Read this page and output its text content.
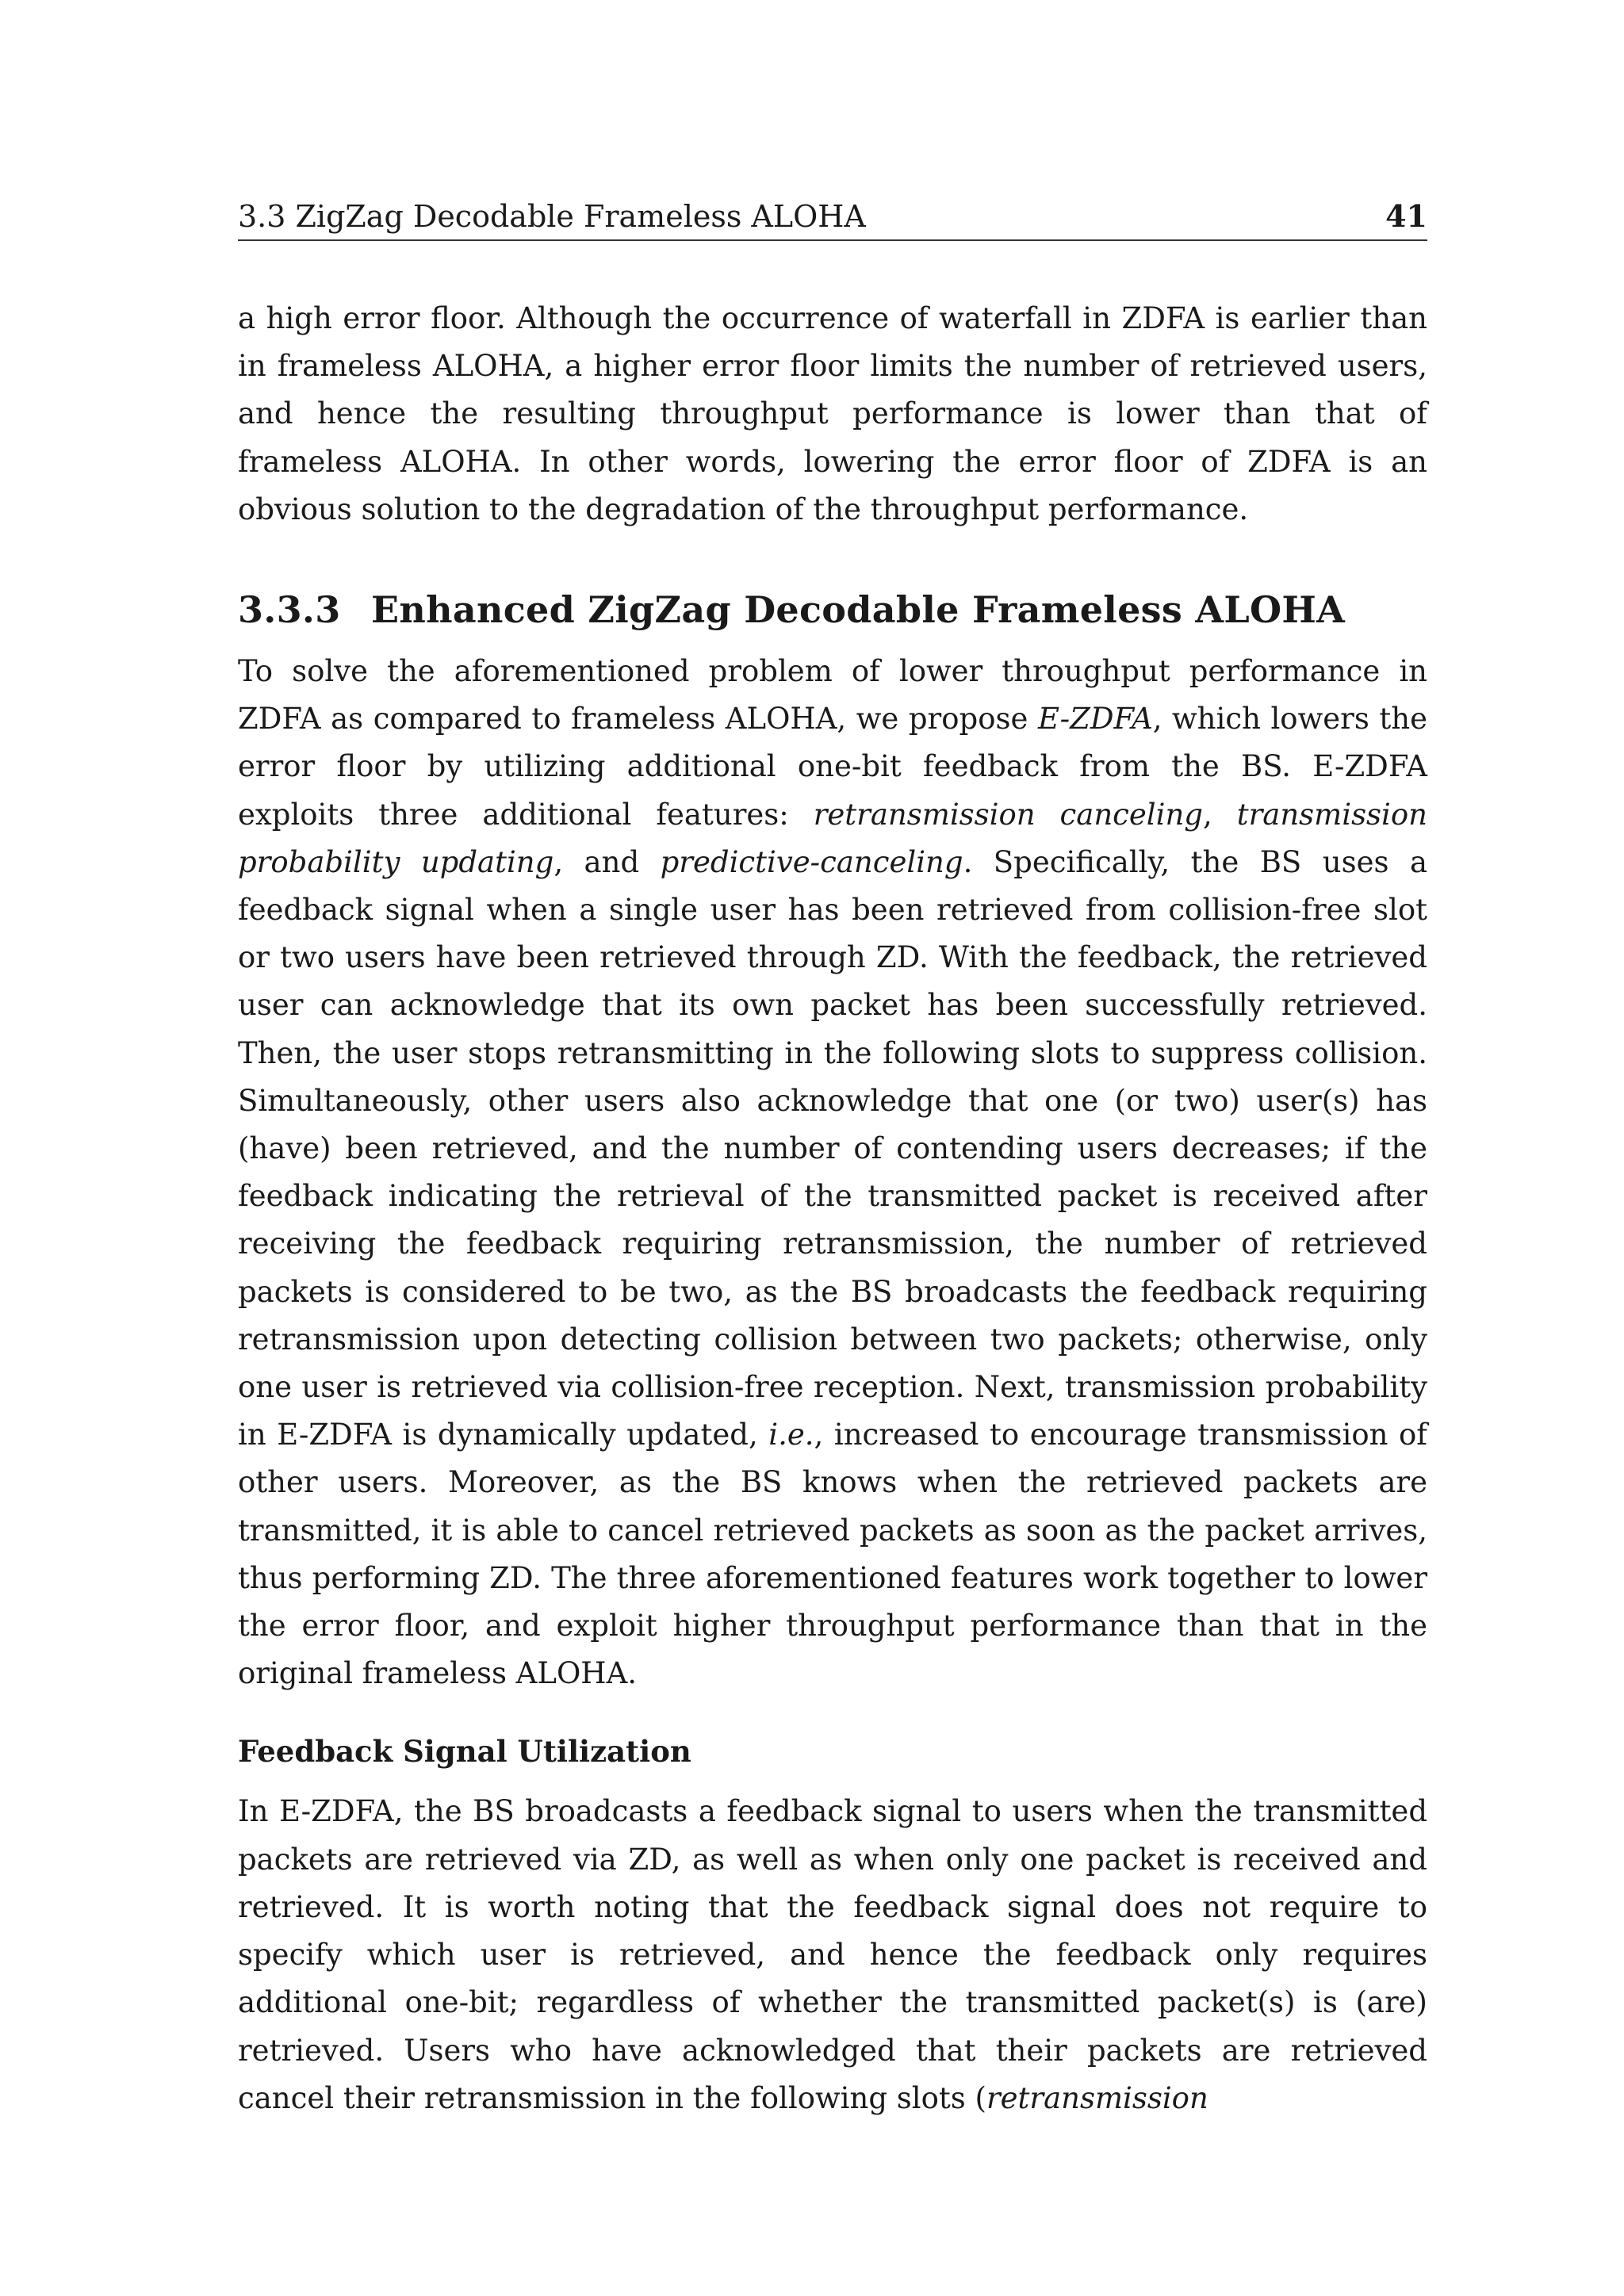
3.3 ZigZag Decodable Frameless ALOHA	41

a high error floor. Although the occurrence of waterfall in ZDFA is earlier than in frameless ALOHA, a higher error floor limits the number of retrieved users, and hence the resulting throughput performance is lower than that of frameless ALOHA. In other words, lowering the error floor of ZDFA is an obvious solution to the degradation of the throughput performance.

3.3.3 Enhanced ZigZag Decodable Frameless ALOHA

To solve the aforementioned problem of lower throughput performance in ZDFA as compared to frameless ALOHA, we propose E-ZDFA, which lowers the error floor by utilizing additional one-bit feedback from the BS. E-ZDFA exploits three additional features: retransmission canceling, transmission probability updating, and predictive-canceling. Specifically, the BS uses a feedback signal when a single user has been retrieved from collision-free slot or two users have been retrieved through ZD. With the feedback, the retrieved user can acknowledge that its own packet has been successfully retrieved. Then, the user stops retransmitting in the following slots to suppress collision. Simultaneously, other users also acknowledge that one (or two) user(s) has (have) been retrieved, and the number of contending users decreases; if the feedback indicating the retrieval of the transmitted packet is received after receiving the feedback requiring retransmission, the number of retrieved packets is considered to be two, as the BS broadcasts the feedback requiring retransmission upon detecting collision between two packets; otherwise, only one user is retrieved via collision-free reception. Next, transmission probability in E-ZDFA is dynamically updated, i.e., increased to encourage transmission of other users. Moreover, as the BS knows when the retrieved packets are transmitted, it is able to cancel retrieved packets as soon as the packet arrives, thus performing ZD. The three aforementioned features work together to lower the error floor, and exploit higher throughput performance than that in the original frameless ALOHA.

Feedback Signal Utilization

In E-ZDFA, the BS broadcasts a feedback signal to users when the transmitted packets are retrieved via ZD, as well as when only one packet is received and retrieved. It is worth noting that the feedback signal does not require to specify which user is retrieved, and hence the feedback only requires additional one-bit; regardless of whether the transmitted packet(s) is (are) retrieved. Users who have acknowledged that their packets are retrieved cancel their retransmission in the following slots (retransmission
